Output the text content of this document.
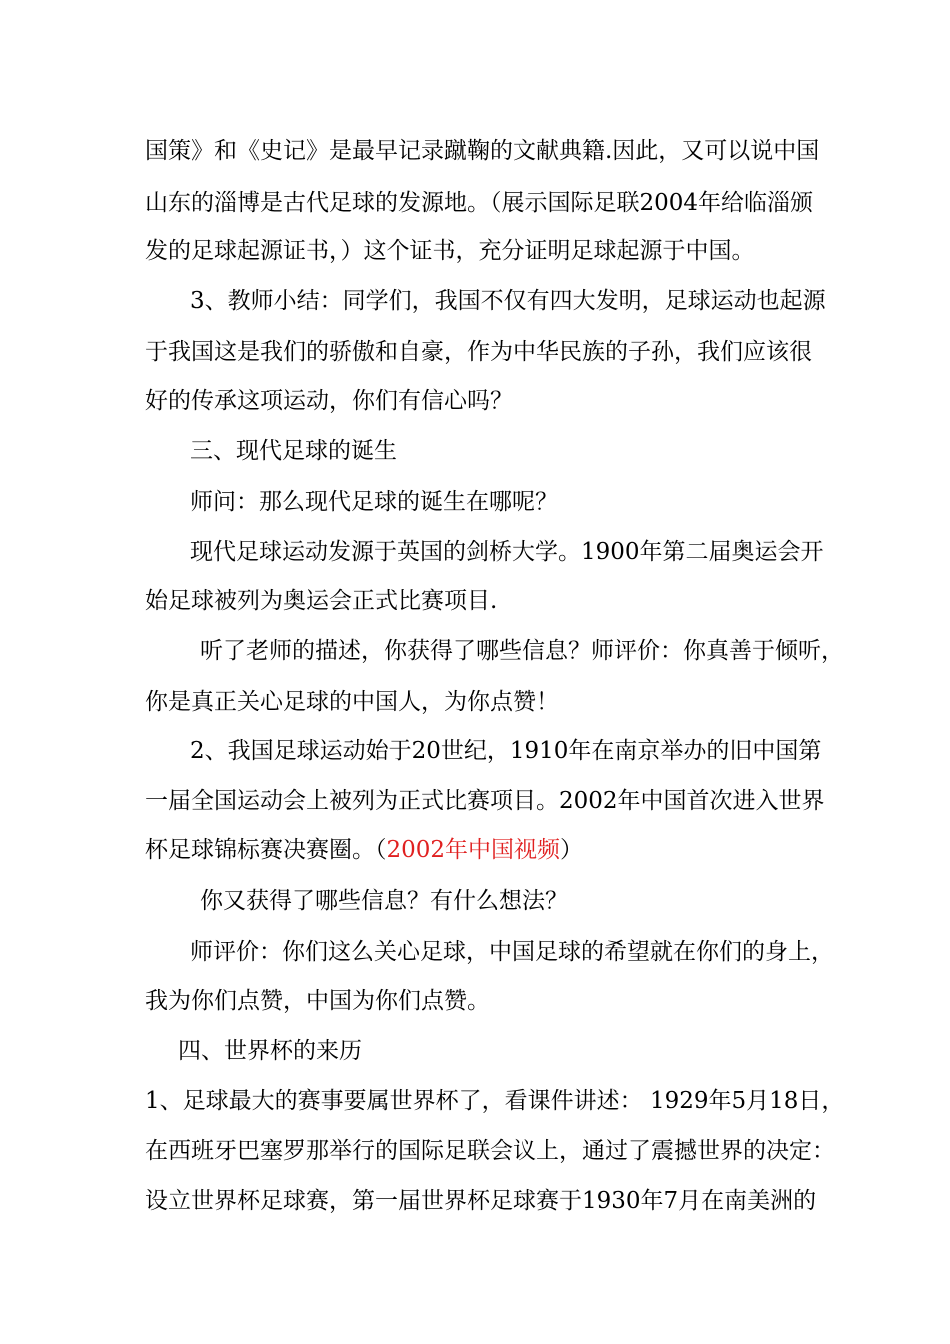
国策》和《史记》是最早记录蹴鞠的文献典籍.因此，又可以说中国
山东的淄博是古代足球的发源地。（展示国际足联2004年给临淄颁
发的足球起源证书，）这个证书，充分证明足球起源于中国。
3、教师小结：同学们，我国不仅有四大发明，足球运动也起源
于我国这是我们的骄傲和自豪，作为中华民族的子孙，我们应该很
好的传承这项运动，你们有信心吗？
三、现代足球的诞生
师问：那么现代足球的诞生在哪呢？
现代足球运动发源于英国的剑桥大学。1900年第二届奥运会开
始足球被列为奥运会正式比赛项目.
听了老师的描述，你获得了哪些信息？师评价：你真善于倾听，
你是真正关心足球的中国人，为你点赞！
2、我国足球运动始于20世纪，1910年在南京举办的旧中国第
一届全国运动会上被列为正式比赛项目。2002年中国首次进入世界
杯足球锦标赛决赛圈。（2002年中国视频）
你又获得了哪些信息？有什么想法？
师评价：你们这么关心足球，中国足球的希望就在你们的身上，
我为你们点赞，中国为你们点赞。
四、世界杯的来历
1、足球最大的赛事要属世界杯了，看课件讲述： 1929年5月18日，
在西班牙巴塞罗那举行的国际足联会议上，通过了震撼世界的决定：
设立世界杯足球赛，第一届世界杯足球赛于1930年7月在南美洲的
